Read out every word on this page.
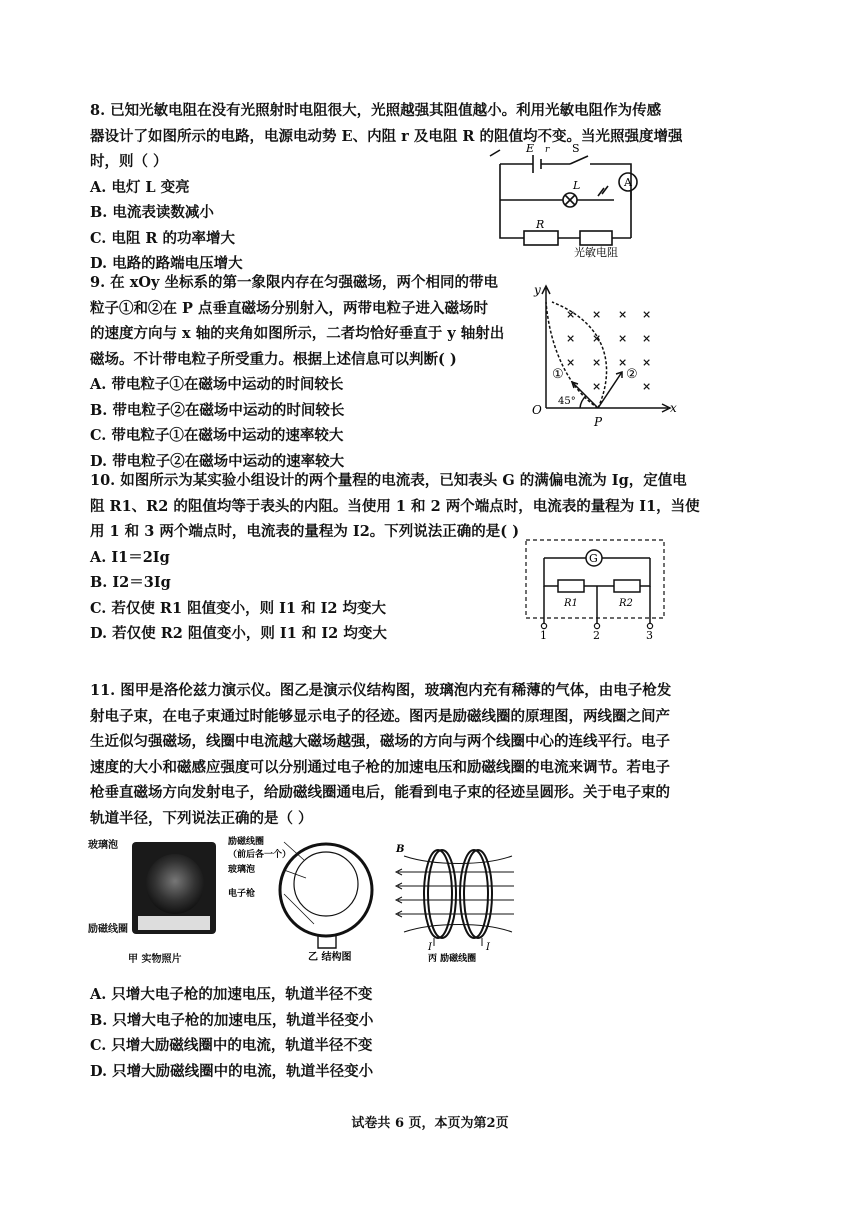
8. 已知光敏电阻在没有光照射时电阻很大，光照越强其阻值越小。利用光敏电阻作为传感
器设计了如图所示的电路，电源电动势 E、内阻 r 及电阻 R 的阻值均不变。当光照强度增强
时，则（ ）
A. 电灯 L 变亮
B. 电流表读数减小
C. 电阻 R 的功率增大
D. 电路的路端电压增大
E r S
A
L
R
光敏电阻
9. 在 xOy 坐标系的第一象限内存在匀强磁场，两个相同的带电
粒子①和②在 P 点垂直磁场分别射入，两带电粒子进入磁场时
的速度方向与 x 轴的夹角如图所示，二者均恰好垂直于 y 轴射出
磁场。不计带电粒子所受重力。根据上述信息可以判断( )
A. 带电粒子①在磁场中运动的时间较长
B. 带电粒子②在磁场中运动的时间较长
C. 带电粒子①在磁场中运动的速率较大
D. 带电粒子②在磁场中运动的速率较大
× × × ×
× × × ×
× × × ×
×	×
y
x
O
P
①	②
45°
10. 如图所示为某实验小组设计的两个量程的电流表，已知表头 G 的满偏电流为 Ig，定值电
阻 R1、R2 的阻值均等于表头的内阻。当使用 1 和 2 两个端点时，电流表的量程为 I1，当使
用 1 和 3 两个端点时，电流表的量程为 I2。下列说法正确的是( )
A. I1＝2Ig
B. I2＝3Ig
C. 若仅使 R1 阻值变小，则 I1 和 I2 均变大
D. 若仅使 R2 阻值变小，则 I1 和 I2 均变大
G
R1	R2
1	2	3
11. 图甲是洛伦兹力演示仪。图乙是演示仪结构图，玻璃泡内充有稀薄的气体，由电子枪发
射电子束，在电子束通过时能够显示电子的径迹。图丙是励磁线圈的原理图，两线圈之间产
生近似匀强磁场，线圈中电流越大磁场越强，磁场的方向与两个线圈中心的连线平行。电子
速度的大小和磁感应强度可以分别通过电子枪的加速电压和励磁线圈的电流来调节。若电子
枪垂直磁场方向发射电子，给励磁线圈通电后，能看到电子束的径迹呈圆形。关于电子束的
轨道半径，下列说法正确的是（ ）
玻璃泡
励磁线圈
甲 实物照片
励磁线圈
（前后各一个）
玻璃泡
电子枪
乙 结构图
B
I	I
丙 励磁线圈
A. 只增大电子枪的加速电压，轨道半径不变
B. 只增大电子枪的加速电压，轨道半径变小
C. 只增大励磁线圈中的电流，轨道半径不变
D. 只增大励磁线圈中的电流，轨道半径变小
试卷共 6 页，本页为第2页
